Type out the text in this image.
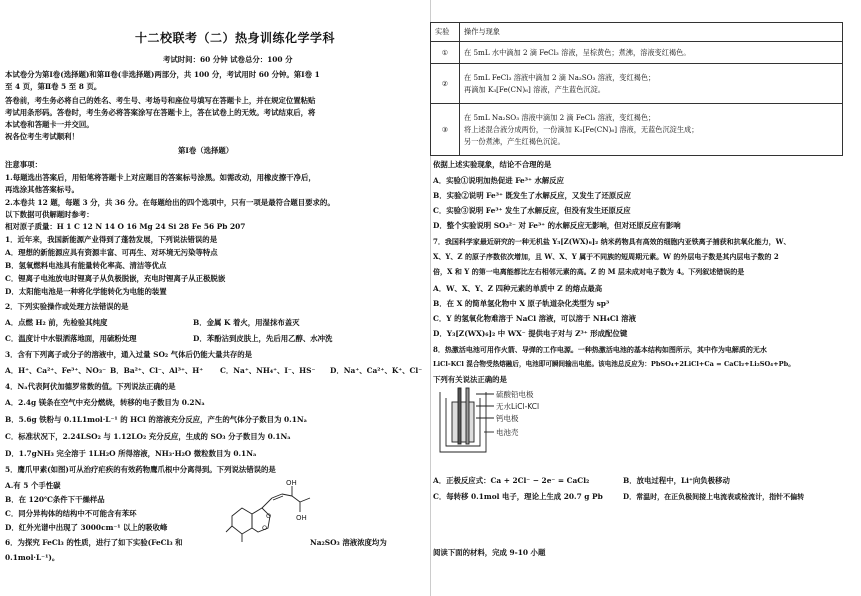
十二校联考（二）热身训练化学学科
考试时间：60 分钟 试卷总分：100 分
本试卷分为第Ⅰ卷(选择题)和第Ⅱ卷(非选择题)两部分，共 100 分，考试用时 60 分钟。第Ⅰ卷 1
至 4 页，第Ⅱ卷 5 至 8 页。
答卷前，考生务必将自己的姓名、考生号、考场号和座位号填写在答题卡上，并在规定位置粘贴
考试用条形码。答卷时，考生务必将答案涂写在答题卡上，答在试卷上的无效。考试结束后，将
本试卷和答题卡一并交回。
祝各位考生考试顺利！
第Ⅰ卷（选择题）
注意事项：
1.每题选出答案后，用铅笔将答题卡上对应题目的答案标号涂黑。如需改动，用橡皮擦干净后，
再选涂其他答案标号。
2.本卷共 12 题，每题 3 分，共 36 分。在每题给出的四个选项中，只有一项是最符合题目要求的。
以下数据可供解题时参考：
相对原子质量：H 1 C 12 N 14 O 16 Mg 24 Si 28 Fe 56 Pb 207
1．近年来，我国新能源产业得到了蓬勃发展，下列说法错误的是
A．理想的新能源应具有资源丰富、可再生、对环境无污染等特点
B．氢氧燃料电池具有能量转化率高、清洁等优点
C．锂离子电池放电时锂离子从负极脱嵌，充电时锂离子从正极脱嵌
D．太阳能电池是一种将化学能转化为电能的装置
2．下列实验操作或处理方法错误的是
A．点燃 H₂ 前，先检验其纯度	B．金属 K 着火，用湿抹布盖灭
C．温度计中水银洒落地面，用硫粉处理	D．苯酚沾到皮肤上，先后用乙醇、水冲洗
3．含有下列离子或分子的溶液中，通入过量 SO₂ 气体后仍能大量共存的是
A．H⁺、Ca²⁺、Fe³⁺、NO₃⁻ B．Ba²⁺、Cl⁻、Al³⁺、H⁺ C．Na⁺、NH₄⁺、I⁻、HS⁻ D．Na⁺、Ca²⁺、K⁺、Cl⁻
4．Nₐ代表阿伏加德罗常数的值。下列说法正确的是
A．2.4g 镁条在空气中充分燃烧，转移的电子数目为 0.2Nₐ
B．5.6g 铁粉与 0.1L1mol·L⁻¹ 的 HCl 的溶液充分反应，产生的气体分子数目为 0.1Nₐ
C．标准状况下，2.24LSO₂ 与 1.12LO₂ 充分反应，生成的 SO₃ 分子数目为 0.1Nₐ
D．1.7gNH₃ 完全溶于 1LH₂O 所得溶液，NH₃·H₂O 微粒数目为 0.1Nₐ
5．鹰爪甲素(如图)可从治疗疟疾的有效药物鹰爪根中分离得到。下列说法错误的是
A.有 5 个手性碳
B．在 120℃条件下干燥样品
C．同分异构体的结构中不可能含有苯环
D．红外光谱中出现了 3000cm⁻¹ 以上的吸收峰
OH
OH
O
O
6．为探究 FeCl₃ 的性质，进行了如下实验(FeCl₃ 和	Na₂SO₃ 溶液浓度均为
0.1mol·L⁻¹)。
实验	操作与现象
①	在 5mL 水中滴加 2 滴 FeCl₃ 溶液，呈棕黄色；煮沸，溶液变红褐色。

②	在 5mL FeCl₃ 溶液中滴加 2 滴 Na₂SO₃ 溶液，变红褐色；
再滴加 K₃[Fe(CN)₆] 溶液，产生蓝色沉淀。

③	在 5mL Na₂SO₃ 溶液中滴加 2 滴 FeCl₃ 溶液，变红褐色；
将上述混合液分成两份，一份滴加 K₃[Fe(CN)₆] 溶液，无蓝色沉淀生成；
另一份煮沸，产生红褐色沉淀。
依据上述实验现象，结论不合理的是
A．实验①说明加热促进 Fe³⁺ 水解反应
B．实验②说明 Fe³⁺ 既发生了水解反应，又发生了还原反应
C．实验③说明 Fe³⁺ 发生了水解反应，但没有发生还原反应
D．整个实验说明 SO₃²⁻ 对 Fe³⁺ 的水解反应无影响，但对还原反应有影响
7．我国科学家最近研究的一种无机盐 Y₃[Z(WX)₆]₂ 纳米药物具有高效的细胞内亚铁离子捕获和抗氧化能力，W、
X、Y、Z 的原子序数依次增加，且 W、X、Y 属于不同族的短周期元素。W 的外层电子数是其内层电子数的 2
倍，X 和 Y 的第一电离能都比左右相邻元素的高。Z 的 M 层未成对电子数为 4。下列叙述错误的是
A．W、X、Y、Z 四种元素的单质中 Z 的熔点最高
B．在 X 的简单氢化物中 X 原子轨道杂化类型为 sp³
C．Y 的氢氧化物难溶于 NaCl 溶液，可以溶于 NH₄Cl 溶液
D．Y₃[Z(WX)₆]₂ 中 WX⁻ 提供电子对与 Z³⁺ 形成配位键
8．热激活电池可用作火箭、导弹的工作电源。一种热激活电池的基本结构如图所示，其中作为电解质的无水
LiCl-KCl 混合物受热熔融后，电池即可瞬间输出电能。该电池总反应为：PbSO₄+2LiCl+Ca = CaCl₂+Li₂SO₄+Pb。
下列有关说法正确的是
硫酸铅电极
无水LiCl-KCl
钙电极
电池壳
A．正极反应式：Ca + 2Cl⁻ − 2e⁻ = CaCl₂	B．放电过程中，Li⁺向负极移动
C．每转移 0.1mol 电子，理论上生成 20.7 g Pb	D．常温时，在正负极间接上电流表或检流计，指针不偏转
阅读下面的材料，完成 9-10 小题
